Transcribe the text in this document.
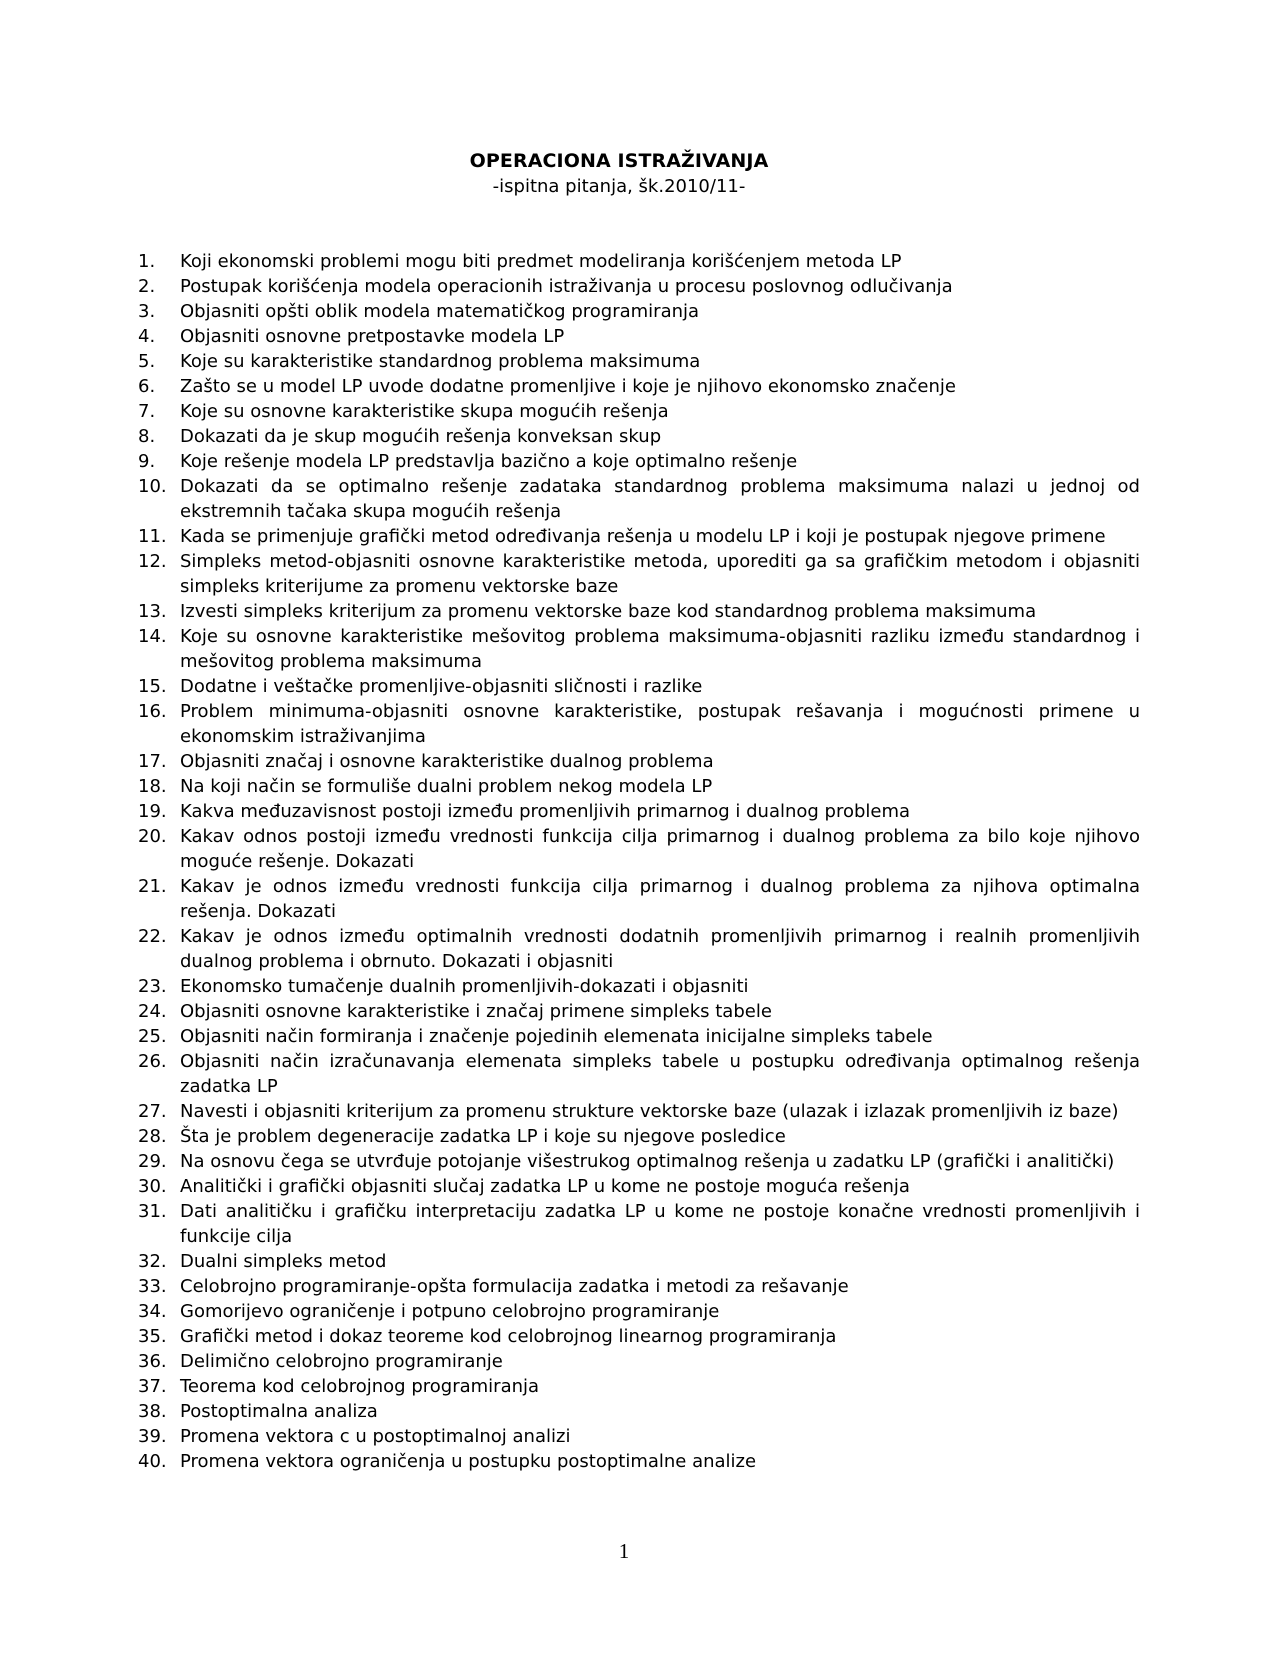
OPERACIONA ISTRAŽIVANJA
-ispitna pitanja, šk.2010/11-
1.	Koji ekonomski problemi mogu biti predmet modeliranja korišćenjem metoda LP
2.	Postupak korišćenja modela operacionih istraživanja u procesu poslovnog odlučivanja
3.	Objasniti opšti oblik modela matematičkog programiranja
4.	Objasniti osnovne pretpostavke modela LP
5.	Koje su karakteristike standardnog problema maksimuma
6.	Zašto se u model LP uvode dodatne promenljive i koje je njihovo ekonomsko značenje
7.	Koje su osnovne karakteristike skupa mogućih rešenja
8.	Dokazati da je skup mogućih rešenja konveksan skup
9.	Koje rešenje modela LP predstavlja bazično a koje optimalno rešenje
10. Dokazati da se optimalno rešenje zadataka standardnog problema maksimuma nalazi u jednoj od ekstremnih tačaka skupa mogućih rešenja
11. Kada se primenjuje grafički metod određivanja rešenja u modelu LP i koji je postupak njegove primene
12. Simpleks metod-objasniti osnovne karakteristike metoda, uporediti ga sa grafičkim metodom i objasniti simpleks kriterijume za promenu vektorske baze
13. Izvesti simpleks kriterijum za promenu vektorske baze kod standardnog problema maksimuma
14. Koje su osnovne karakteristike mešovitog problema maksimuma-objasniti razliku između standardnog i mešovitog problema maksimuma
15. Dodatne i veštačke promenljive-objasniti sličnosti i razlike
16. Problem minimuma-objasniti osnovne karakteristike, postupak rešavanja i mogućnosti primene u ekonomskim istraživanjima
17. Objasniti značaj i osnovne karakteristike dualnog problema
18. Na koji način se formuliše dualni problem nekog modela LP
19. Kakva međuzavisnost postoji između promenljivih primarnog i dualnog problema
20. Kakav odnos postoji između vrednosti funkcija cilja primarnog i dualnog problema za bilo koje njihovo moguće rešenje. Dokazati
21. Kakav je odnos između vrednosti funkcija cilja primarnog i dualnog problema za njihova optimalna rešenja. Dokazati
22. Kakav je odnos između optimalnih vrednosti dodatnih promenljivih primarnog i realnih promenljivih dualnog problema i obrnuto. Dokazati i objasniti
23. Ekonomsko tumačenje dualnih promenljivih-dokazati i objasniti
24. Objasniti osnovne karakteristike i značaj primene simpleks tabele
25. Objasniti način formiranja i značenje pojedinih elemenata inicijalne simpleks tabele
26. Objasniti način izračunavanja elemenata simpleks tabele u postupku određivanja optimalnog rešenja zadatka LP
27. Navesti i objasniti kriterijum za promenu strukture vektorske baze (ulazak i izlazak promenljivih iz baze)
28. Šta je problem degeneracije zadatka LP i koje su njegove posledice
29. Na osnovu čega se utvrđuje potojanje višestrukog optimalnog rešenja u zadatku LP (grafički i analitički)
30. Analitički i grafički objasniti slučaj zadatka LP u kome ne postoje moguća rešenja
31. Dati analitičku i grafičku interpretaciju zadatka LP u kome ne postoje konačne vrednosti promenljivih i funkcije cilja
32. Dualni simpleks metod
33. Celobrojno programiranje-opšta formulacija zadatka i metodi za rešavanje
34. Gomorijevo ograničenje i potpuno celobrojno programiranje
35. Grafički metod i dokaz teoreme kod celobrojnog linearnog programiranja
36. Delimično celobrojno programiranje
37. Teorema kod celobrojnog programiranja
38. Postoptimalna analiza
39. Promena vektora c u postoptimalnoj analizi
40. Promena vektora ograničenja u postupku postoptimalne analize
1
